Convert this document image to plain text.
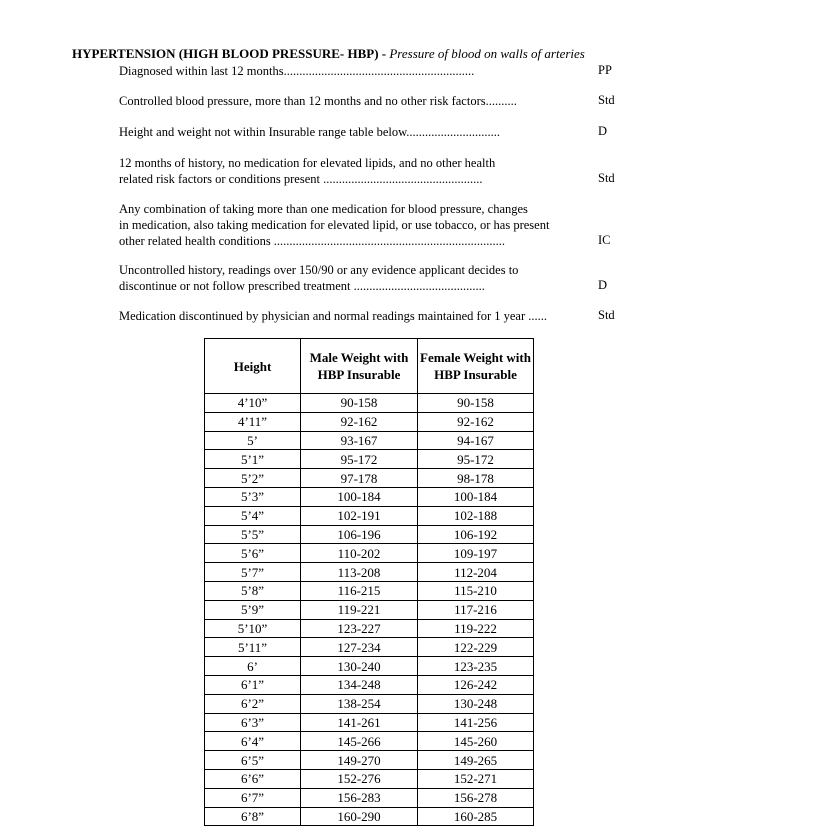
HYPERTENSION (HIGH BLOOD PRESSURE- HBP) - Pressure of blood on walls of arteries
Diagnosed within last 12 months.............................................................	PP
Controlled blood pressure, more than 12 months and no other risk factors..........	Std
Height and weight not within Insurable range table below..............................	D
12 months of history, no medication for elevated lipids, and no other health
related risk factors or conditions present ...................................................	Std
Any combination of taking more than one medication for blood pressure, changes
in medication, also taking medication for elevated lipid, or use tobacco, or has present
other related health conditions ..........................................................................	IC
Uncontrolled history, readings over 150/90 or any evidence applicant decides to
discontinue or not follow prescribed treatment ..........................................	D
Medication discontinued by physician and normal readings maintained for 1 year ......	Std
Height	Male Weight with HBP Insurable	Female Weight with HBP Insurable
4’10”	90-158	90-158
4’11”	92-162	92-162
5’	93-167	94-167
5’1”	95-172	95-172
5’2”	97-178	98-178
5’3”	100-184	100-184
5’4”	102-191	102-188
5’5”	106-196	106-192
5’6”	110-202	109-197
5’7”	113-208	112-204
5’8”	116-215	115-210
5’9”	119-221	117-216
5’10”	123-227	119-222
5’11”	127-234	122-229
6’	130-240	123-235
6’1”	134-248	126-242
6’2”	138-254	130-248
6’3”	141-261	141-256
6’4”	145-266	145-260
6’5”	149-270	149-265
6’6”	152-276	152-271
6’7”	156-283	156-278
6’8”	160-290	160-285
